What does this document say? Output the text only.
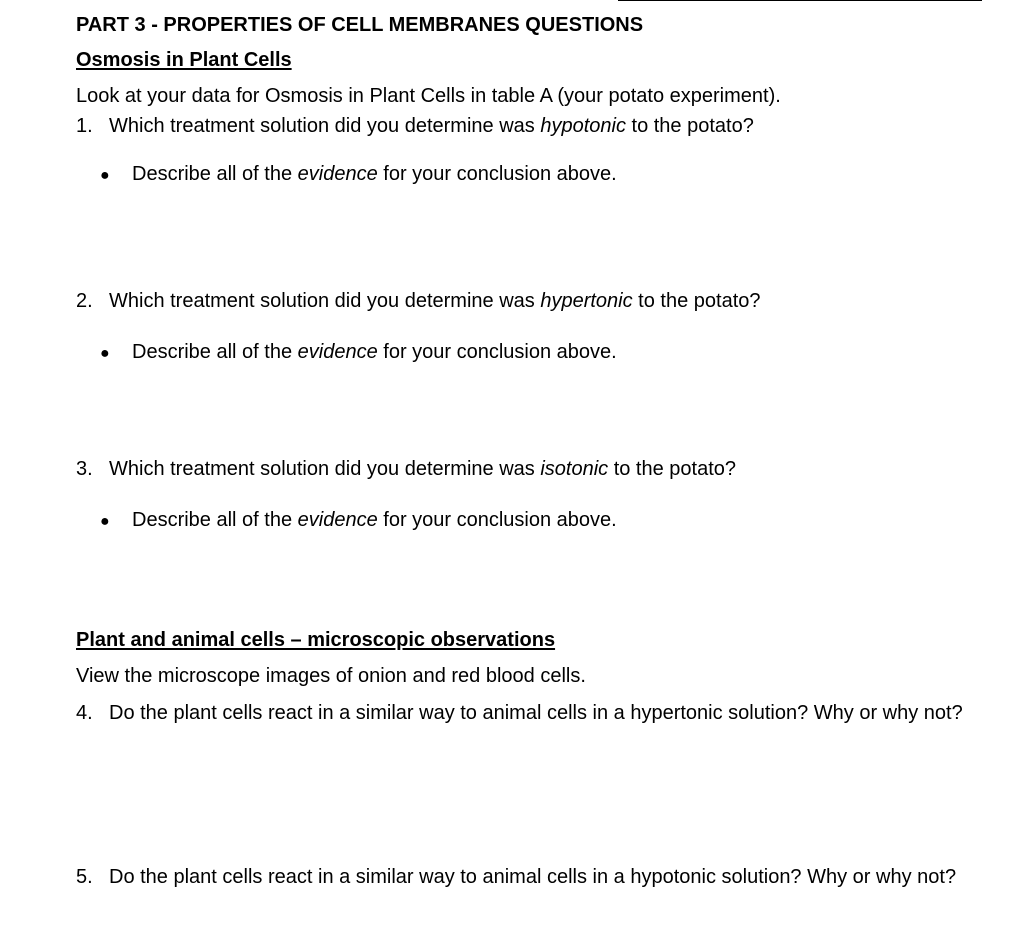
PART 3 - PROPERTIES OF CELL MEMBRANES QUESTIONS
Osmosis in Plant Cells
Look at your data for Osmosis in Plant Cells in table A (your potato experiment).
1. Which treatment solution did you determine was hypotonic to the potato?
● Describe all of the evidence for your conclusion above.
2. Which treatment solution did you determine was hypertonic to the potato?
● Describe all of the evidence for your conclusion above.
3. Which treatment solution did you determine was isotonic to the potato?
● Describe all of the evidence for your conclusion above.
Plant and animal cells – microscopic observations
View the microscope images of onion and red blood cells.
4. Do the plant cells react in a similar way to animal cells in a hypertonic solution? Why or why not?
5. Do the plant cells react in a similar way to animal cells in a hypotonic solution? Why or why not?
